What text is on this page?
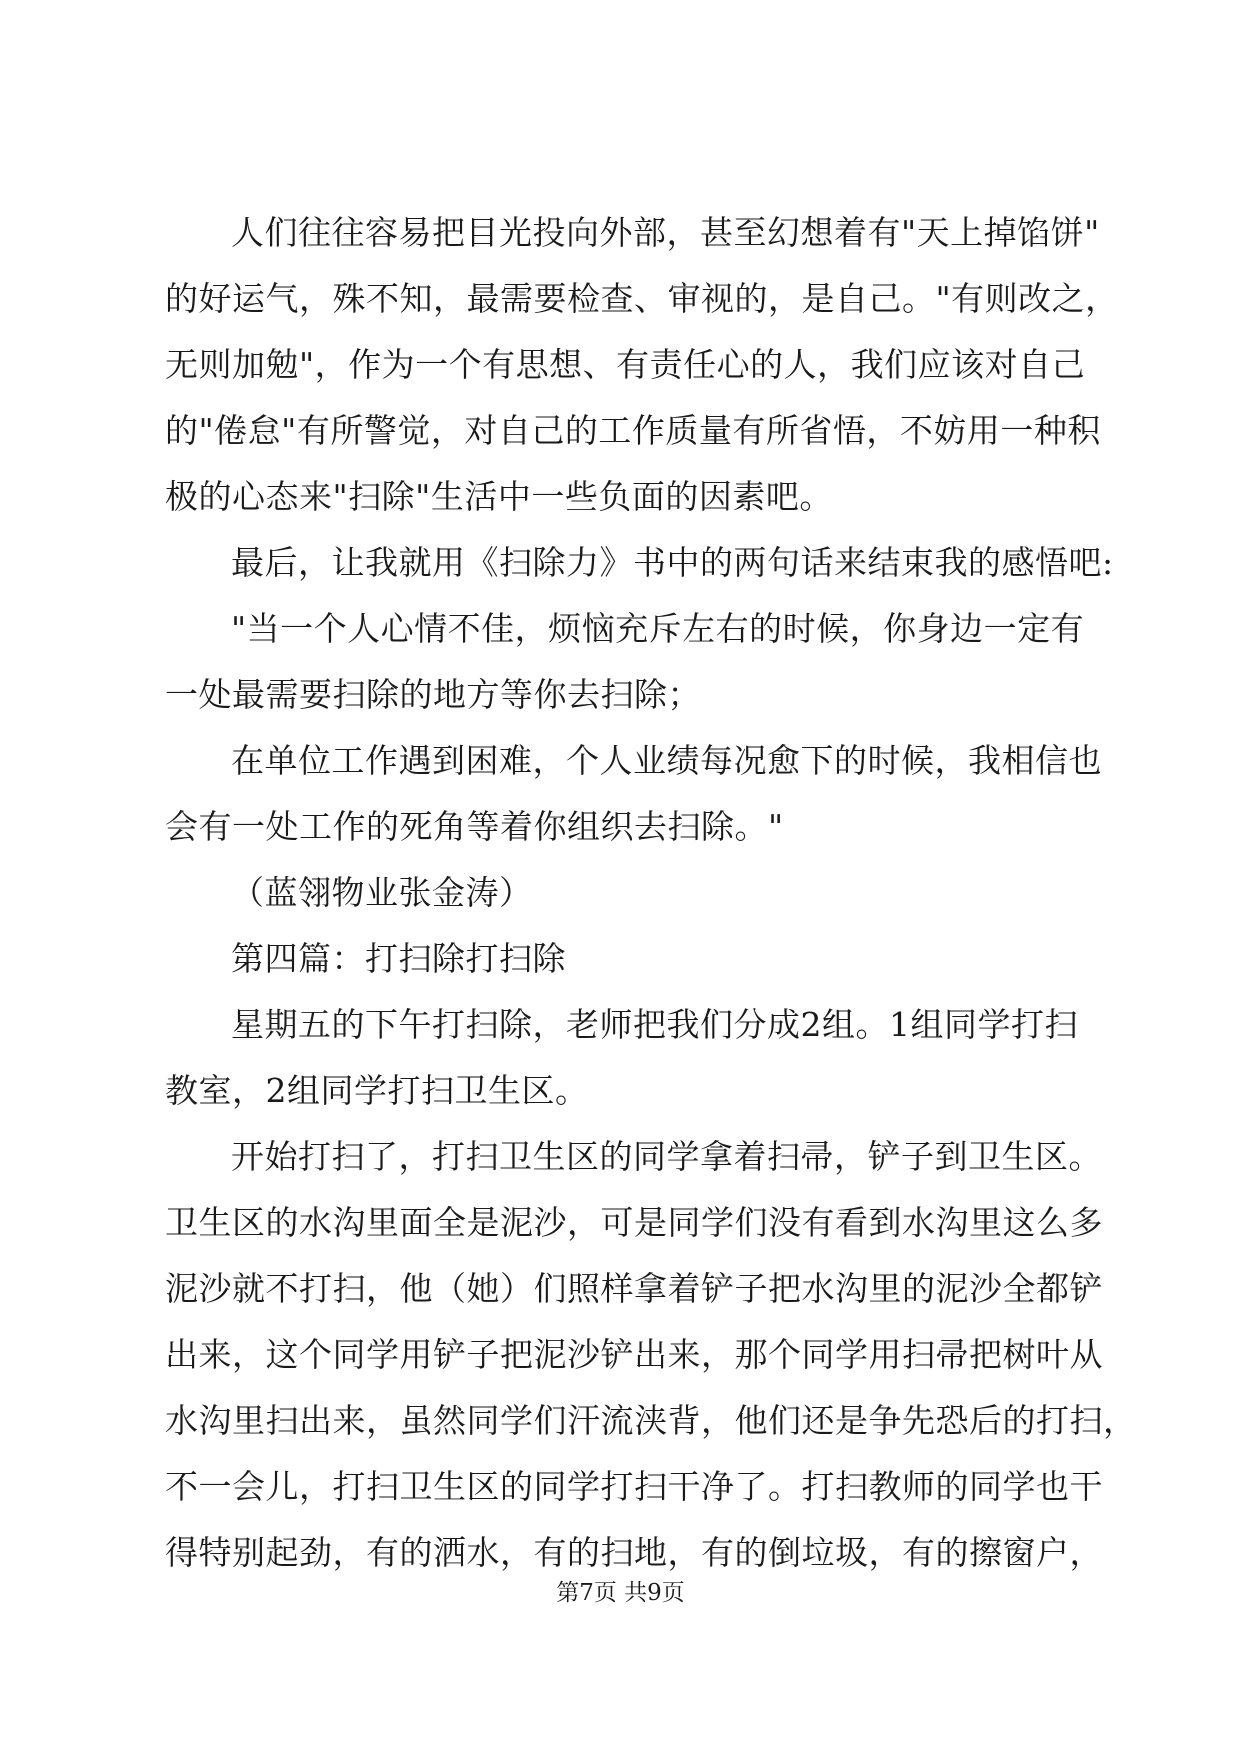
人们往往容易把目光投向外部，甚至幻想着有"天上掉馅饼"
的好运气，殊不知，最需要检查、审视的，是自己。"有则改之，
无则加勉"，作为一个有思想、有责任心的人，我们应该对自己
的"倦怠"有所警觉，对自己的工作质量有所省悟，不妨用一种积
极的心态来"扫除"生活中一些负面的因素吧。
最后，让我就用《扫除力》书中的两句话来结束我的感悟吧:
"当一个人心情不佳，烦恼充斥左右的时候，你身边一定有
一处最需要扫除的地方等你去扫除；
在单位工作遇到困难，个人业绩每况愈下的时候，我相信也
会有一处工作的死角等着你组织去扫除。"
（蓝翎物业张金涛）
第四篇：打扫除打扫除
星期五的下午打扫除，老师把我们分成2组。1组同学打扫
教室，2组同学打扫卫生区。
开始打扫了，打扫卫生区的同学拿着扫帚，铲子到卫生区。
卫生区的水沟里面全是泥沙，可是同学们没有看到水沟里这么多
泥沙就不打扫，他（她）们照样拿着铲子把水沟里的泥沙全都铲
出来，这个同学用铲子把泥沙铲出来，那个同学用扫帚把树叶从
水沟里扫出来，虽然同学们汗流浃背，他们还是争先恐后的打扫，
不一会儿，打扫卫生区的同学打扫干净了。打扫教师的同学也干
得特别起劲，有的洒水，有的扫地，有的倒垃圾，有的擦窗户，
第7页 共9页
